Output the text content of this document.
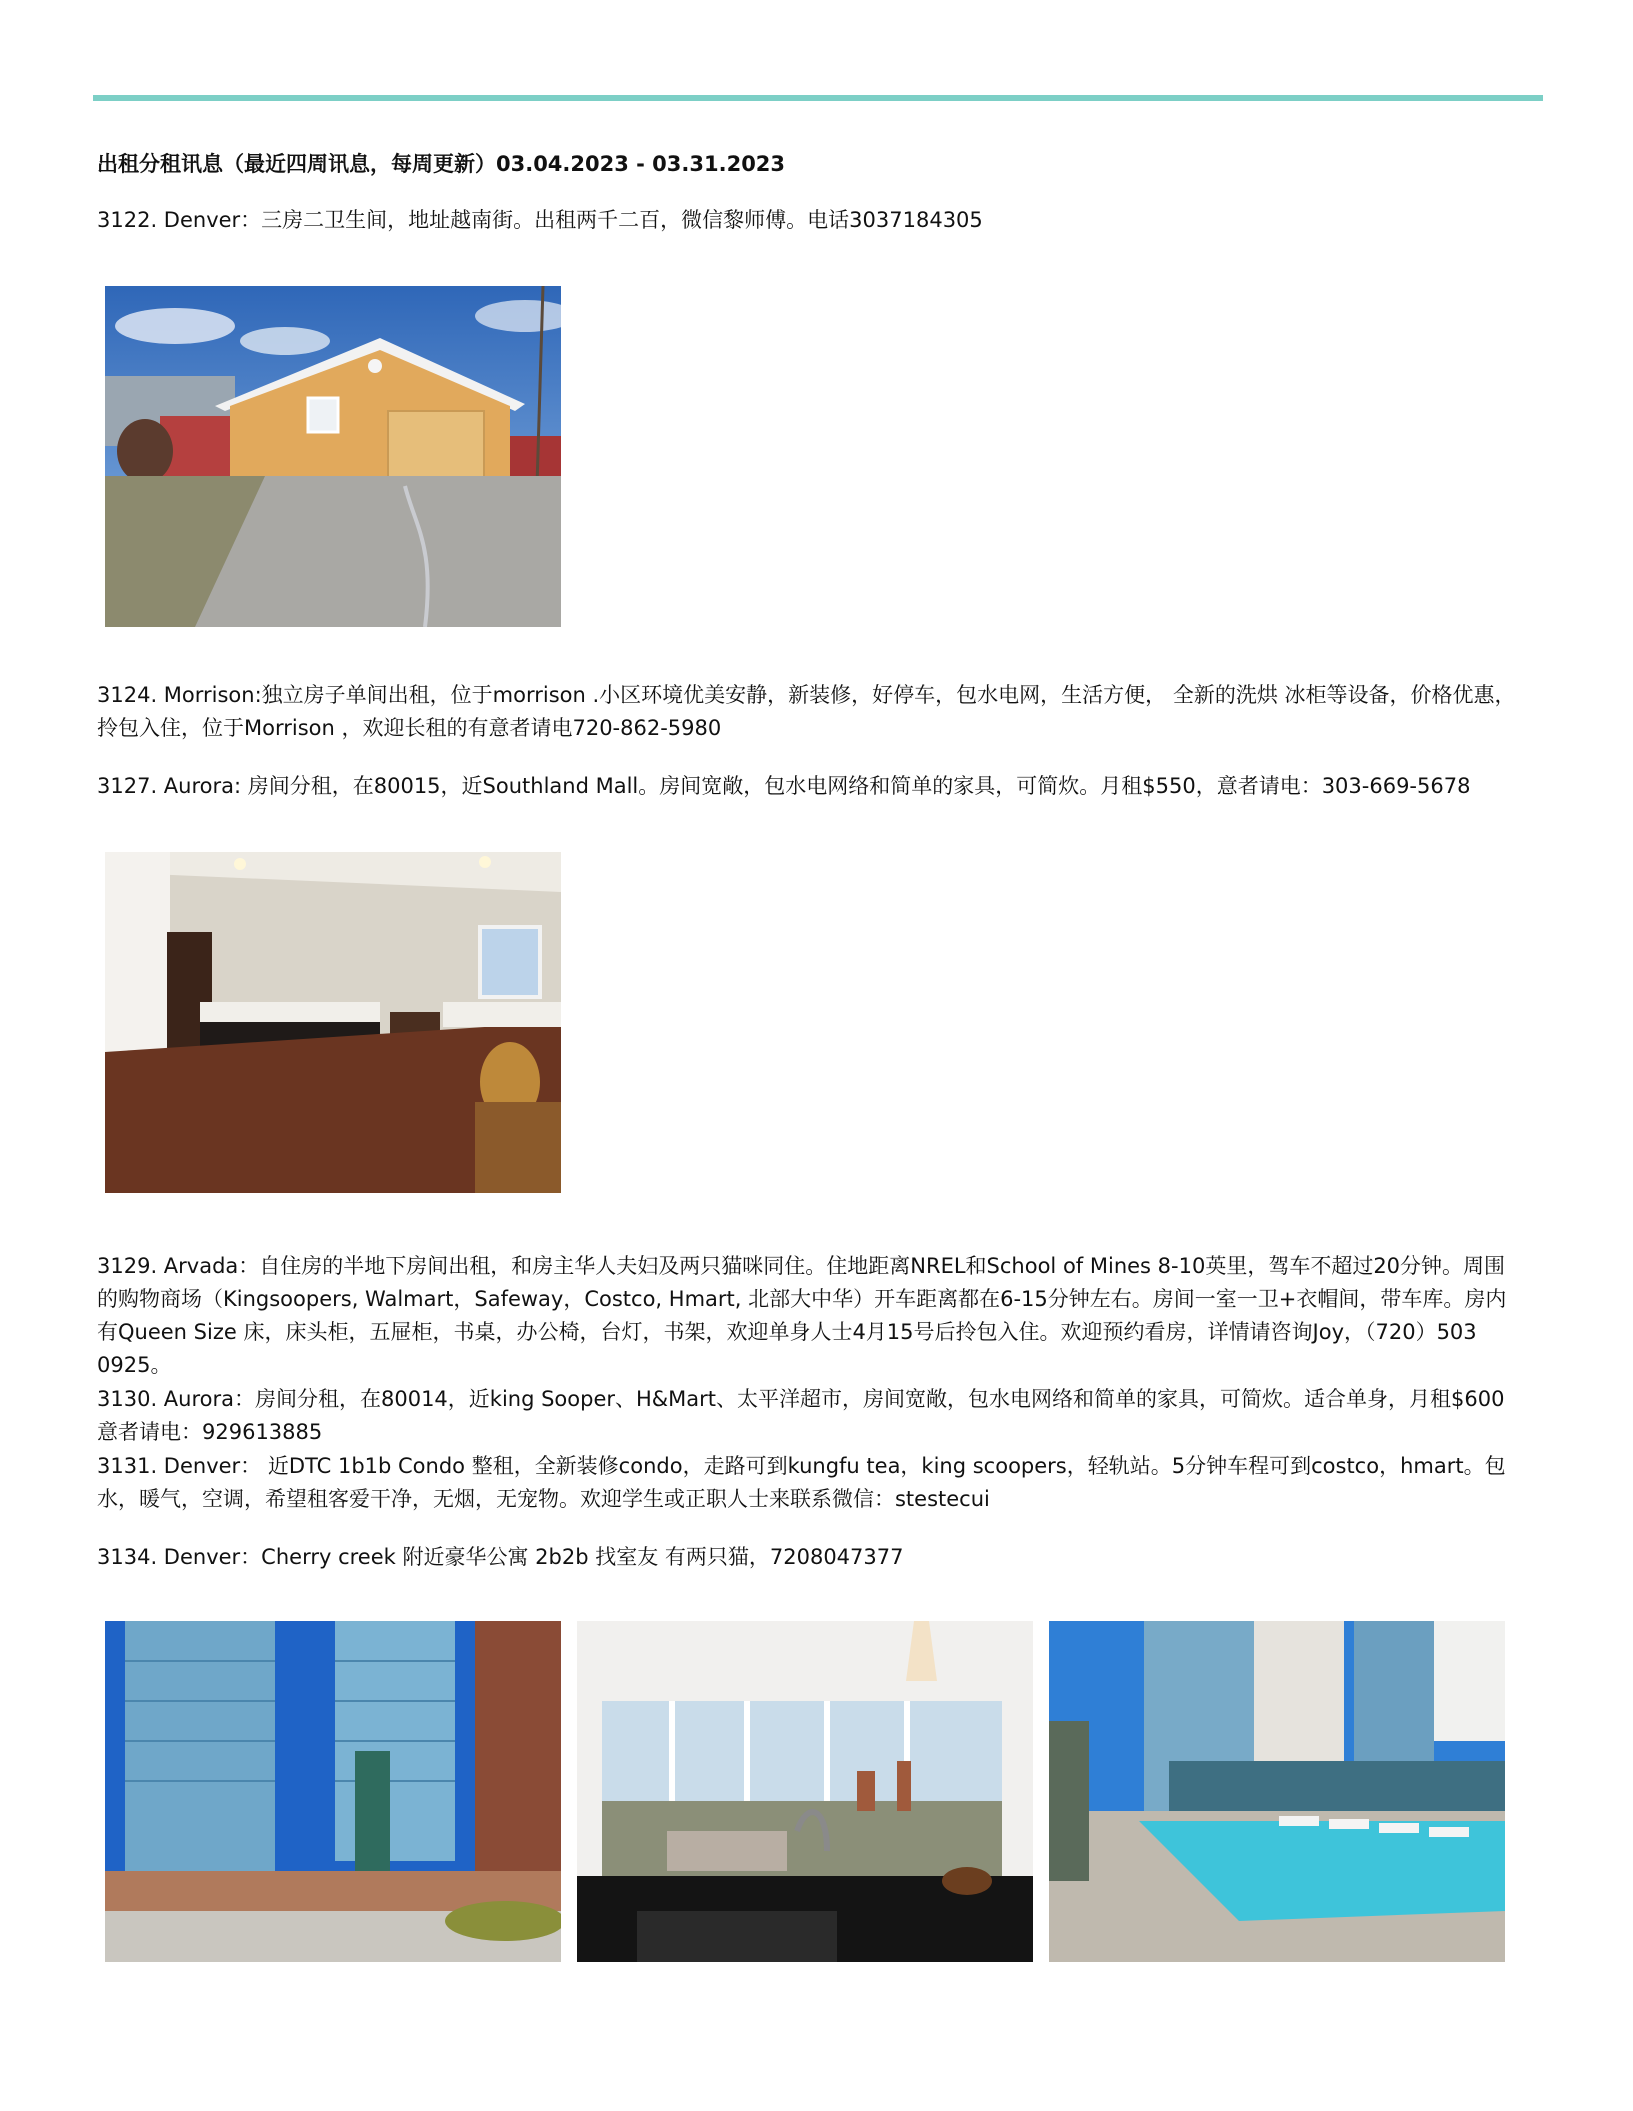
出租分租讯息（最近四周讯息，每周更新）03.04.2023 - 03.31.2023

3122. Denver：三房二卫生间，地址越南街。出租两千二百，微信黎师傅。电话3037184305

3124. Morrison:独立房子单间出租，位于morrison .小区环境优美安静，新装修，好停车，包水电网，生活方便， 全新的洗烘 冰柜等设备，价格优惠，拎包入住，位于Morrison ，欢迎长租的有意者请电720-862-5980

3127. Aurora: 房间分租，在80015，近Southland Mall。房间宽敞，包水电网络和简单的家具，可简炊。月租$550，意者请电：303-669-5678

3129. Arvada：自住房的半地下房间出租，和房主华人夫妇及两只猫咪同住。住地距离NREL和School of Mines 8-10英里，驾车不超过20分钟。周围的购物商场（Kingsoopers, Walmart，Safeway，Costco, Hmart, 北部大中华）开车距离都在6-15分钟左右。房间一室一卫+衣帽间，带车库。房内有Queen Size 床，床头柜，五屉柜，书桌，办公椅，台灯，书架，欢迎单身人士4月15号后拎包入住。欢迎预约看房，详情请咨询Joy，（720）503 0925。

3130. Aurora：房间分租，在80014，近king Sooper、H&Mart、太平洋超市，房间宽敞，包水电网络和简单的家具，可简炊。适合单身，月租$600意者请电：929613885

3131. Denver： 近DTC 1b1b Condo 整租，全新装修condo，走路可到kungfu tea，king scoopers，轻轨站。5分钟车程可到costco，hmart。包水，暖气，空调，希望租客爱干净，无烟，无宠物。欢迎学生或正职人士来联系微信：stestecui

3134. Denver：Cherry creek 附近豪华公寓 2b2b 找室友 有两只猫，7208047377
